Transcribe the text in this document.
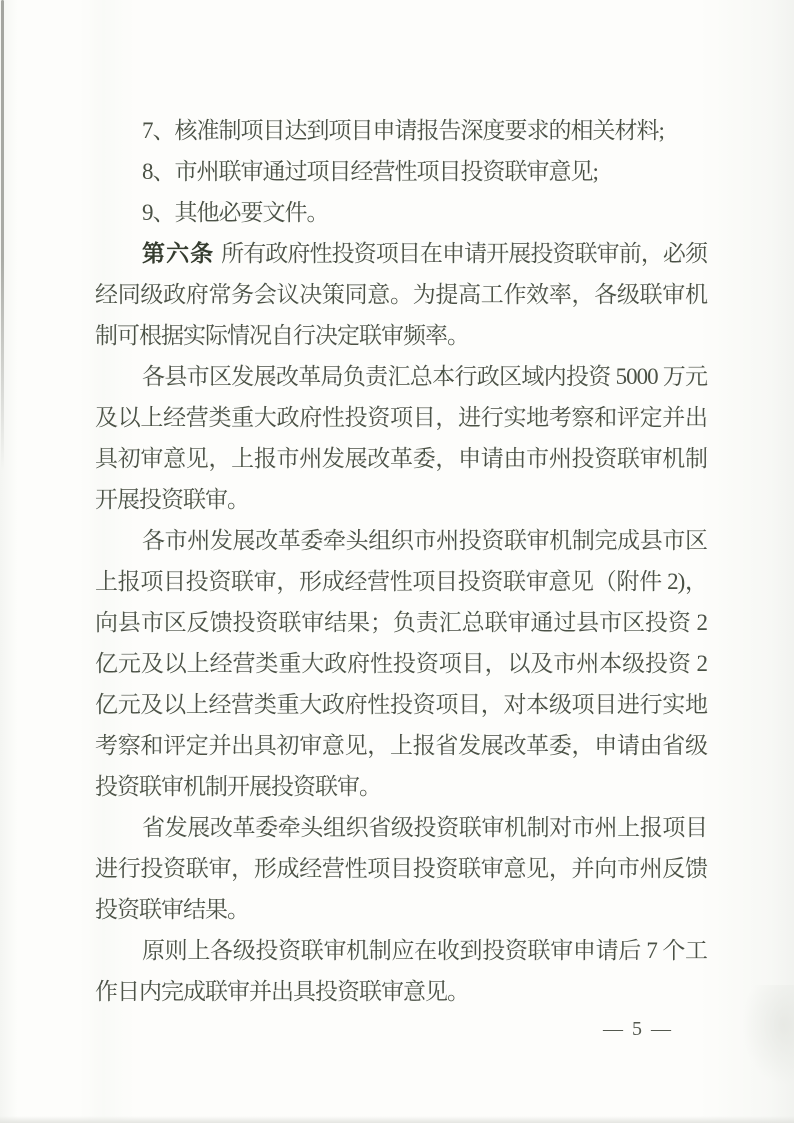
7、核准制项目达到项目申请报告深度要求的相关材料;
8、市州联审通过项目经营性项目投资联审意见;
9、其他必要文件。
第六条 所有政府性投资项目在申请开展投资联审前，必须
经同级政府常务会议决策同意。为提高工作效率，各级联审机
制可根据实际情况自行决定联审频率。
各县市区发展改革局负责汇总本行政区域内投资 5000 万元
及以上经营类重大政府性投资项目，进行实地考察和评定并出
具初审意见，上报市州发展改革委，申请由市州投资联审机制
开展投资联审。
各市州发展改革委牵头组织市州投资联审机制完成县市区
上报项目投资联审，形成经营性项目投资联审意见（附件 2)，
向县市区反馈投资联审结果；负责汇总联审通过县市区投资 2
亿元及以上经营类重大政府性投资项目，以及市州本级投资 2
亿元及以上经营类重大政府性投资项目，对本级项目进行实地
考察和评定并出具初审意见，上报省发展改革委，申请由省级
投资联审机制开展投资联审。
省发展改革委牵头组织省级投资联审机制对市州上报项目
进行投资联审，形成经营性项目投资联审意见，并向市州反馈
投资联审结果。
原则上各级投资联审机制应在收到投资联审申请后 7 个工
作日内完成联审并出具投资联审意见。
— 5 —
